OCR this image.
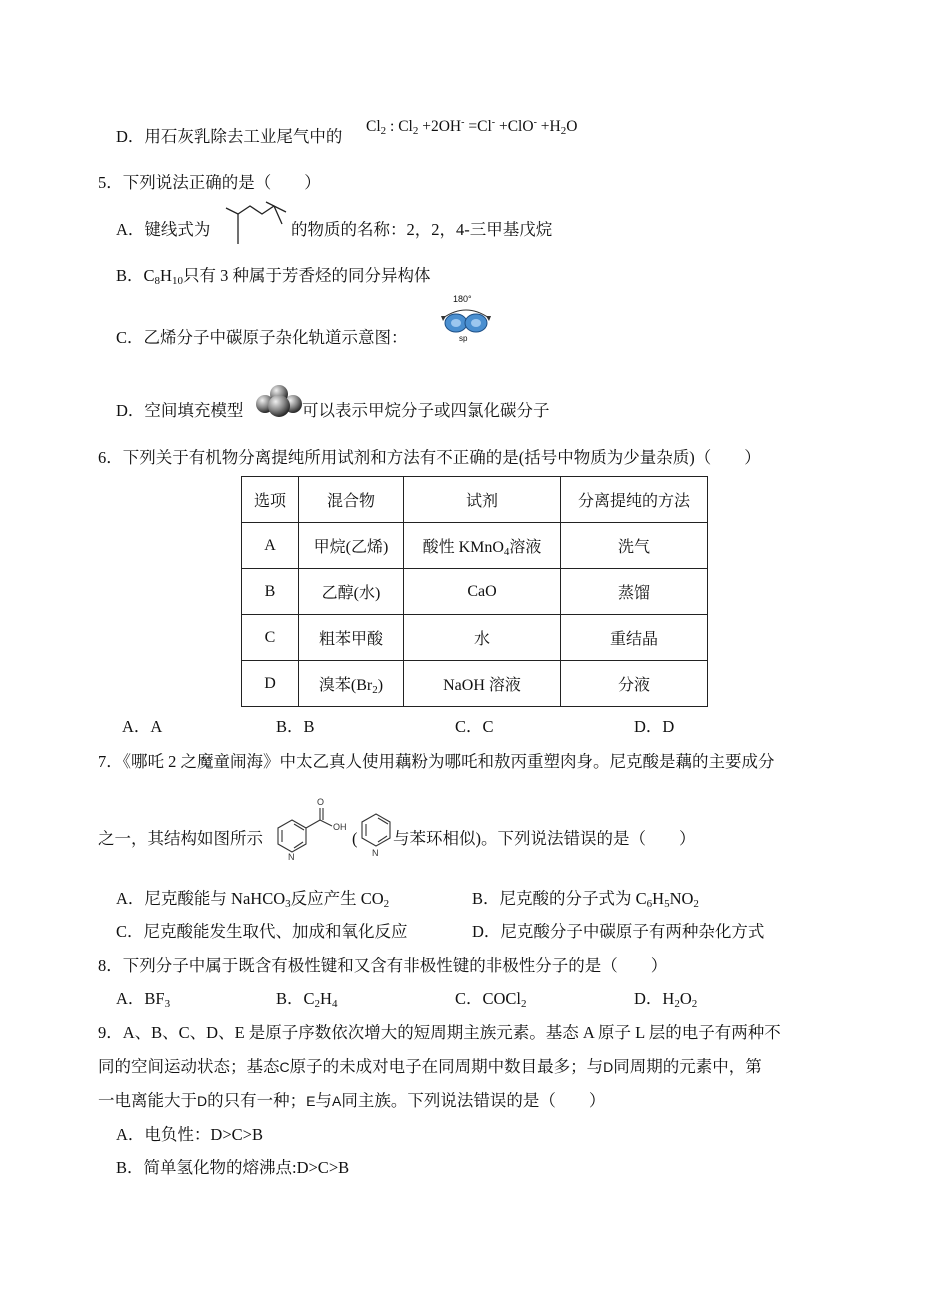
D．用石灰乳除去工业尾气中的
$Cl_2$ : $Cl_2 +2OH^- =Cl^- +ClO^- +H_2O$
5．下列说法正确的是（　　）
A．键线式为	的物质的名称：2，2，4-三甲基戊烷
B．$C_8H_{10}$只有 3 种属于芳香烃的同分异构体
C．乙烯分子中碳原子杂化轨道示意图：
180°
sp
D．空间填充模型	可以表示甲烷分子或四氯化碳分子
6．下列关于有机物分离提纯所用试剂和方法有不正确的是(括号中物质为少量杂质)（　　）
选项	混合物	试剂	分离提纯的方法
A	甲烷(乙烯)	酸性 KMnO$_4$溶液	洗气
B	乙醇(水)	CaO	蒸馏
C	粗苯甲酸	水	重结晶
D	溴苯$(Br_2)$	NaOH 溶液	分液
A．A	B．B	C．C	D．D
7．《哪吒 2 之魔童闹海》中太乙真人使用藕粉为哪吒和敖丙重塑肉身。尼克酸是藕的主要成分
之一，其结构如图所示
O
OH
N
(
N
与苯环相似)。下列说法错误的是（　　）
A．尼克酸能与 NaHCO$_3$反应产生 $CO_2$	B．尼克酸的分子式为 $C_6H_5NO_2$
C．尼克酸能发生取代、加成和氧化反应	D．尼克酸分子中碳原子有两种杂化方式
8．下列分子中属于既含有极性键和又含有非极性键的非极性分子的是（　　）
A．$BF_3$	B．$C_2H_4$	C．COCl$_2$	D．$H_2O_2$
9．A、B、C、D、E 是原子序数依次增大的短周期主族元素。基态 A 原子 L 层的电子有两种不
同的空间运动状态；基态C原子的未成对电子在同周期中数目最多；与D同周期的元素中，第
一电离能大于D的只有一种；E与A同主族。下列说法错误的是（　　）
A．电负性：D>C>B
B．简单氢化物的熔沸点:D>C>B
